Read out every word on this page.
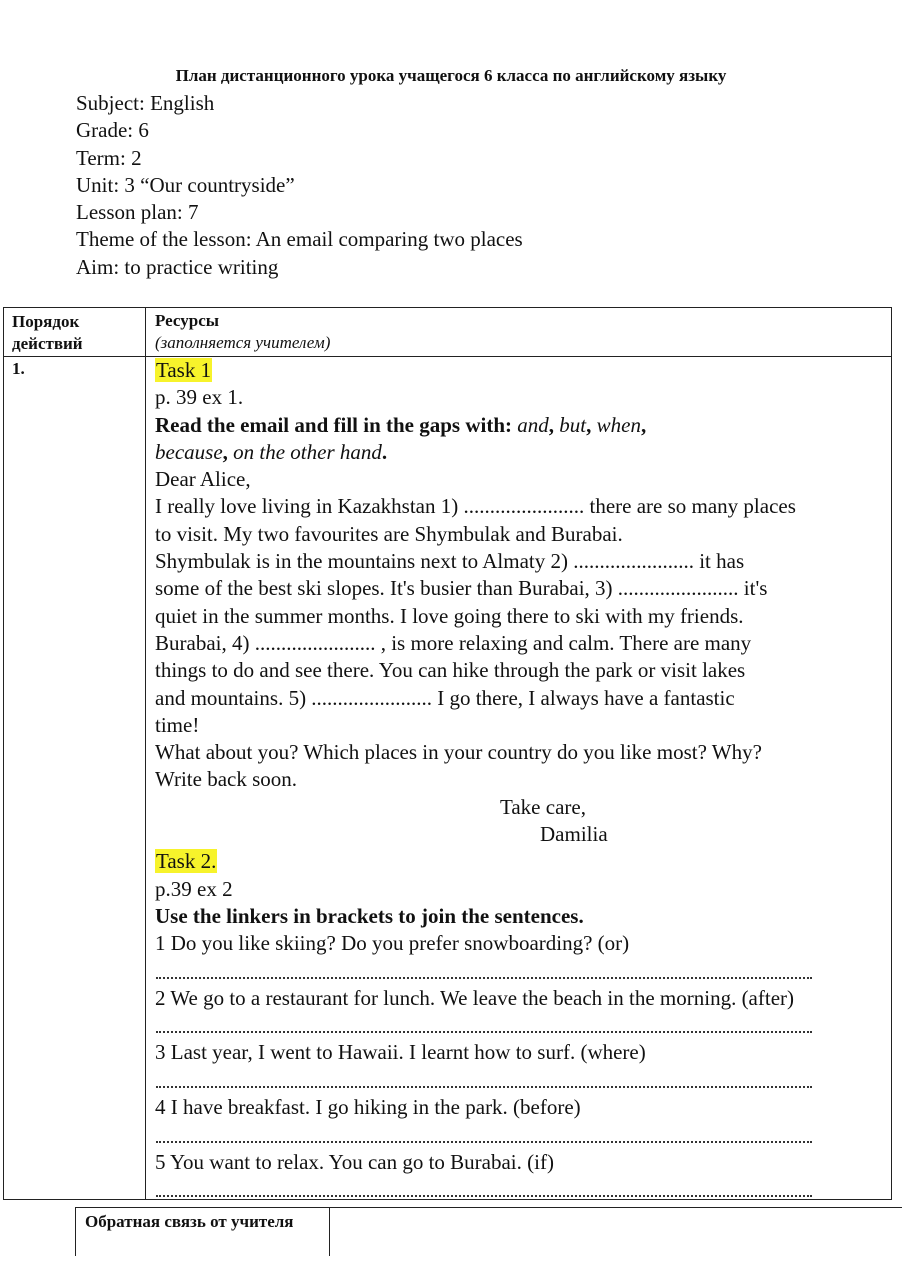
План дистанционного урока учащегося 6 класса по английскому языку
Subject: English
Grade: 6
Term: 2
Unit: 3 “Our countryside”
Lesson plan: 7
Theme of the lesson: An email comparing two places
Aim: to practice writing
Порядок
действий
Ресурсы
(заполняется учителем)
1.	Task 1
p. 39 ex 1.
Read the email and fill in the gaps with: and, but, when,
because, on the other hand.
Dear Alice,
I really love living in Kazakhstan 1) ....................... there are so many places
to visit. My two favourites are Shymbulak and Burabai.
Shymbulak is in the mountains next to Almaty 2) ....................... it has
some of the best ski slopes. It's busier than Burabai, 3) ....................... it's
quiet in the summer months. I love going there to ski with my friends.
Burabai, 4) ....................... , is more relaxing and calm. There are many
things to do and see there. You can hike through the park or visit lakes
and mountains. 5) ....................... I go there, I always have a fantastic
time!
What about you? Which places in your country do you like most? Why?
Write back soon.
Take care,
Damilia
Task 2.
p.39 ex 2
Use the linkers in brackets to join the sentences.
1 Do you like skiing? Do you prefer snowboarding? (or)
2 We go to a restaurant for lunch. We leave the beach in the morning. (after)
3 Last year, I went to Hawaii. I learnt how to surf. (where)
4 I have breakfast. I go hiking in the park. (before)
5 You want to relax. You can go to Burabai. (if)
Обратная связь от учителя
